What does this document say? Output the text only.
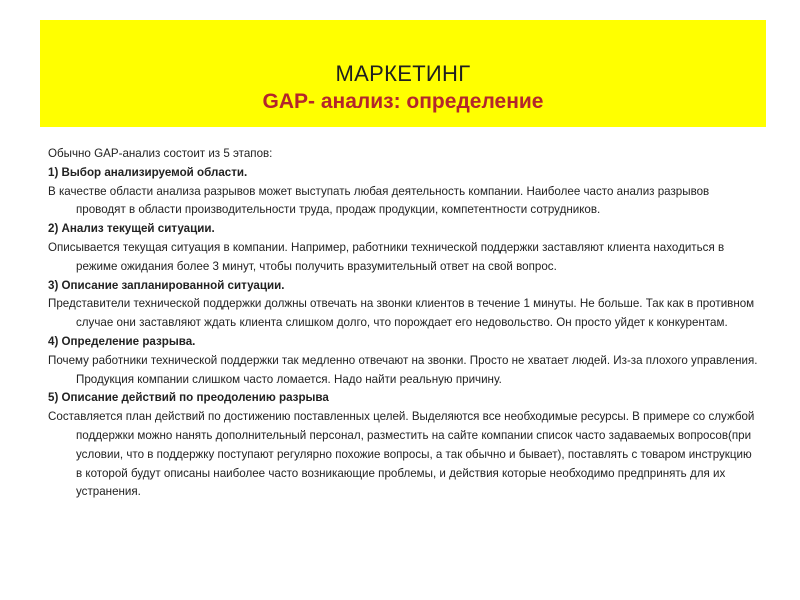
МАРКЕТИНГ
GAP- анализ: определение

Обычно GAP-анализ состоит из 5 этапов:

1) Выбор анализируемой области.

В качестве области анализа разрывов может выступать любая деятельность компании. Наиболее часто анализ разрывов проводят в области производительности труда, продаж продукции, компетентности сотрудников.

2) Анализ текущей ситуации.

Описывается текущая ситуация в компании. Например, работники технической поддержки заставляют клиента находиться в режиме ожидания более 3 минут, чтобы получить вразумительный ответ на свой вопрос.

3) Описание запланированной ситуации.

Представители технической поддержки должны отвечать на звонки клиентов в течение 1 минуты. Не больше. Так как в противном случае они заставляют ждать клиента слишком долго, что порождает его недовольство. Он просто уйдет к конкурентам.

4) Определение разрыва.

Почему работники технической поддержки так медленно отвечают на звонки. Просто не хватает людей. Из-за плохого управления. Продукция компании слишком часто ломается. Надо найти реальную причину.

5) Описание действий по преодолению разрыва

Составляется план действий по достижению поставленных целей. Выделяются все необходимые ресурсы. В примере со службой поддержки можно нанять дополнительный персонал, разместить на сайте компании список часто задаваемых вопросов(при условии, что в поддержку поступают регулярно похожие вопросы, а так обычно и бывает), поставлять с товаром инструкцию в которой будут описаны наиболее часто возникающие проблемы, и действия которые необходимо предпринять для их устранения.
